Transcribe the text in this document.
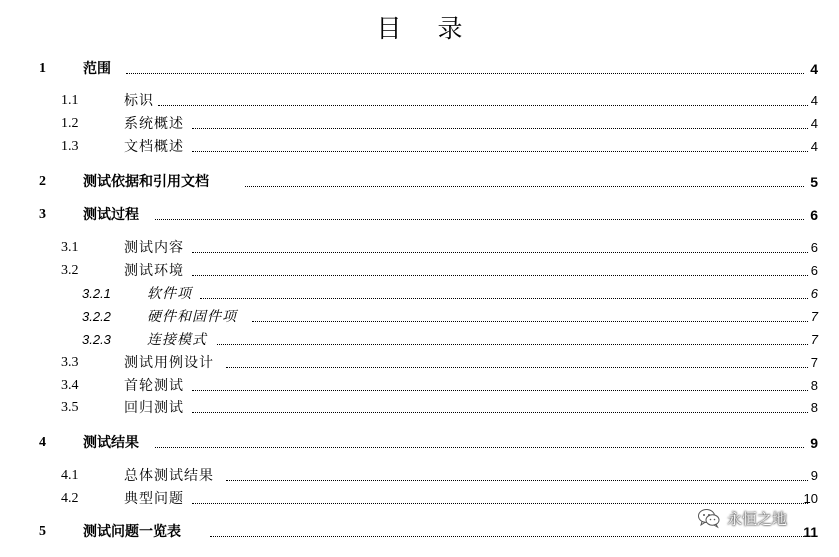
目 录
1	范围	4
1.1	标识	4
1.2	系统概述	4
1.3	文档概述	4
2	测试依据和引用文档	5
3	测试过程	6
3.1	测试内容	6
3.2	测试环境	6
3.2.1	软件项	6
3.2.2	硬件和固件项	7
3.2.3	连接模式	7
3.3	测试用例设计	7
3.4	首轮测试	8
3.5	回归测试	8
4	测试结果	9
4.1	总体测试结果	9
4.2	典型问题	10
5	测试问题一览表	11
永恒之地
